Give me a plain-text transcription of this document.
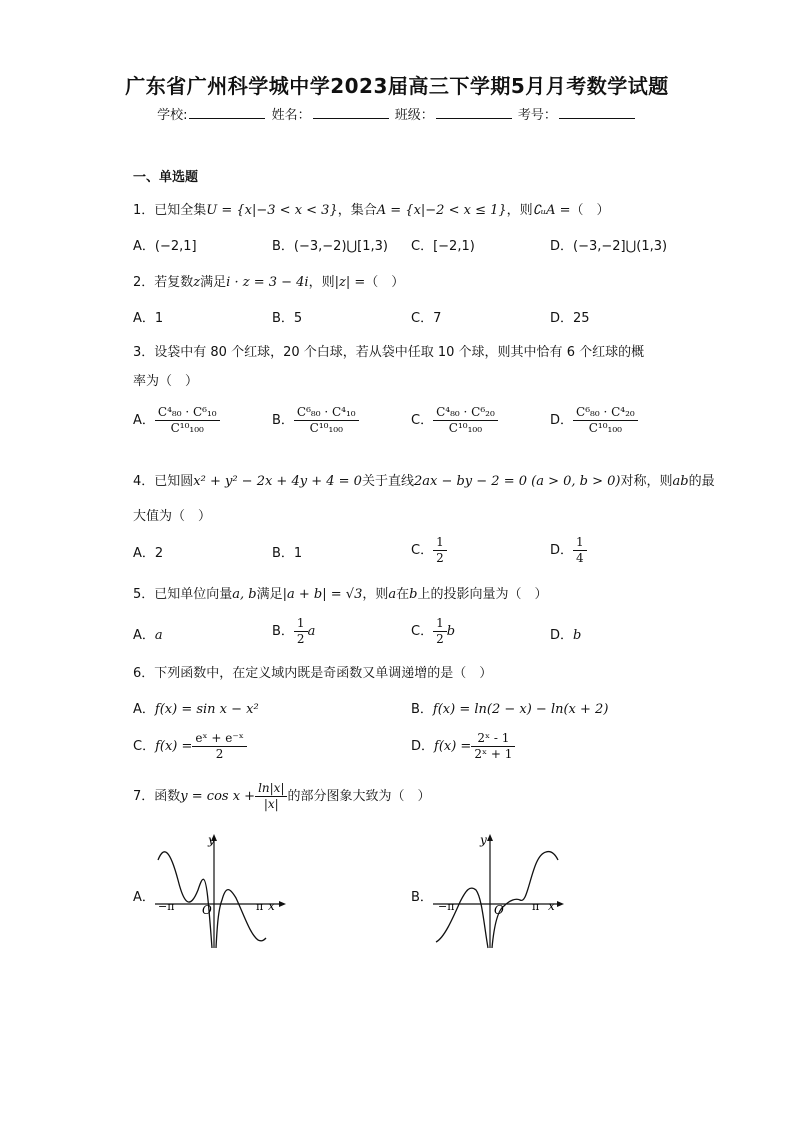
广东省广州科学城中学2023届高三下学期5月月考数学试题
学校:	姓名：	班级：	考号：
一、单选题
1．已知全集U = {x|−3 < x < 3}，集合A = {x|−2 < x ≤ 1}，则∁ᵤA =（　）
A．(−2,1]	B．(−3,−2)⋃[1,3) C．[−2,1)	D．(−3,−2]⋃(1,3)
2．若复数z满足i · z = 3 − 4i，则|z| =（　）
A．1	B．5	C．7	D．25
3．设袋中有 80 个红球，20 个白球，若从袋中任取 10 个球，则其中恰有 6 个红球的概
率为（　）
A． $\frac{\text{C⁴₈₀ · C⁶₁₀}}{\text{C¹⁰₁₀₀}}$	B． $\frac{\text{C⁶₈₀ · C⁴₁₀}}{\text{C¹⁰₁₀₀}}$	C． $\frac{\text{C⁴₈₀ · C⁶₂₀}}{\text{C¹⁰₁₀₀}}$	D． $\frac{\text{C⁶₈₀ · C⁴₂₀}}{\text{C¹⁰₁₀₀}}$
4．已知圆x² + y² − 2x + 4y + 4 = 0关于直线2ax − by − 2 = 0 (a > 0, b > 0)对称，则ab的最
大值为（　）
A．2	B．1	C． $\frac{1}{2}$	D． $\frac{1}{4}$
5．已知单位向量a, b满足|a + b| = √3，则a在b上的投影向量为（　）
A．a	B． $\frac{1}{2}$ a	C． $\frac{1}{2}$ b	D．b
6．下列函数中，在定义域内既是奇函数又单调递增的是（　）
A．f(x) = sin x − x²	B．f(x) = ln(2 − x) − ln(x + 2)
C．$f(x) = \frac{\text{eˣ + e⁻ˣ}}{2}$	D．$f(x) = \frac{\text{2ˣ - 1}}{\text{2ˣ + 1}}$
7．函数$y = \cos x + \frac{\ln|x|}{|x|}$ 的部分图象大致为（　）
A．
y
x
O
−π	π
B．
y
x
O
−π	π
